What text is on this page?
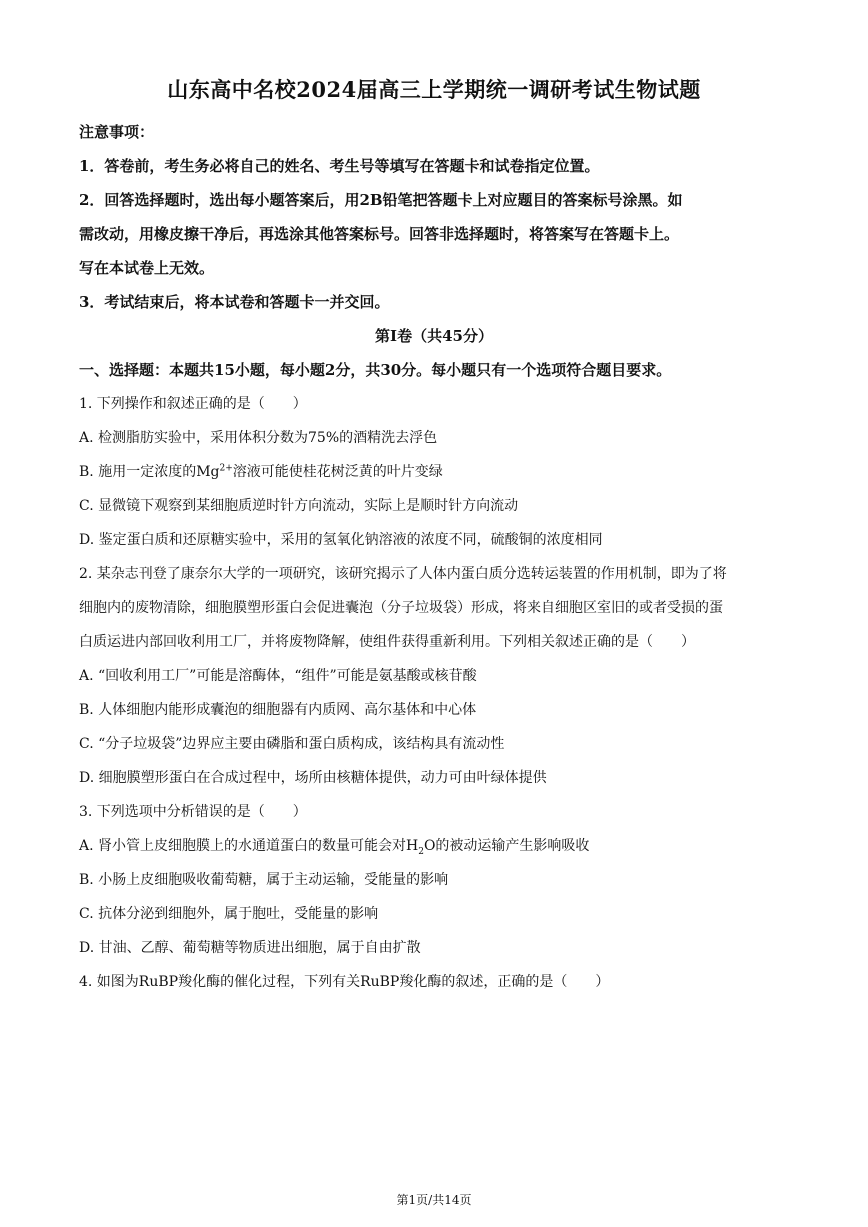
山东高中名校2024届高三上学期统一调研考试生物试题
注意事项：
1．答卷前，考生务必将自己的姓名、考生号等填写在答题卡和试卷指定位置。
2．回答选择题时，选出每小题答案后，用2B铅笔把答题卡上对应题目的答案标号涂黑。如
需改动，用橡皮擦干净后，再选涂其他答案标号。回答非选择题时，将答案写在答题卡上。
写在本试卷上无效。
3．考试结束后，将本试卷和答题卡一并交回。
第Ⅰ卷（共45分）
一、选择题：本题共15小题，每小题2分，共30分。每小题只有一个选项符合题目要求。
1. 下列操作和叙述正确的是（　　）
A. 检测脂肪实验中，采用体积分数为75%的酒精洗去浮色
B. 施用一定浓度的$Mg^{2+}$溶液可能使桂花树泛黄的叶片变绿
C. 显微镜下观察到某细胞质逆时针方向流动，实际上是顺时针方向流动
D. 鉴定蛋白质和还原糖实验中，采用的氢氧化钠溶液的浓度不同，硫酸铜的浓度相同
2. 某杂志刊登了康奈尔大学的一项研究，该研究揭示了人体内蛋白质分选转运装置的作用机制，即为了将
细胞内的废物清除，细胞膜塑形蛋白会促进囊泡（分子垃圾袋）形成，将来自细胞区室旧的或者受损的蛋
白质运进内部回收利用工厂，并将废物降解，使组件获得重新利用。下列相关叙述正确的是（　　）
A. “回收利用工厂”可能是溶酶体，“组件”可能是氨基酸或核苷酸
B. 人体细胞内能形成囊泡的细胞器有内质网、高尔基体和中心体
C. “分子垃圾袋”边界应主要由磷脂和蛋白质构成，该结构具有流动性
D. 细胞膜塑形蛋白在合成过程中，场所由核糖体提供，动力可由叶绿体提供
3. 下列选项中分析错误的是（　　）
A. 肾小管上皮细胞膜上的水通道蛋白的数量可能会对$H_2O$的被动运输产生影响吸收
B. 小肠上皮细胞吸收葡萄糖，属于主动运输，受能量的影响
C. 抗体分泌到细胞外，属于胞吐，受能量的影响
D. 甘油、乙醇、葡萄糖等物质进出细胞，属于自由扩散
4. 如图为RuBP羧化酶的催化过程，下列有关RuBP羧化酶的叙述，正确的是（　　）
第1页/共14页
